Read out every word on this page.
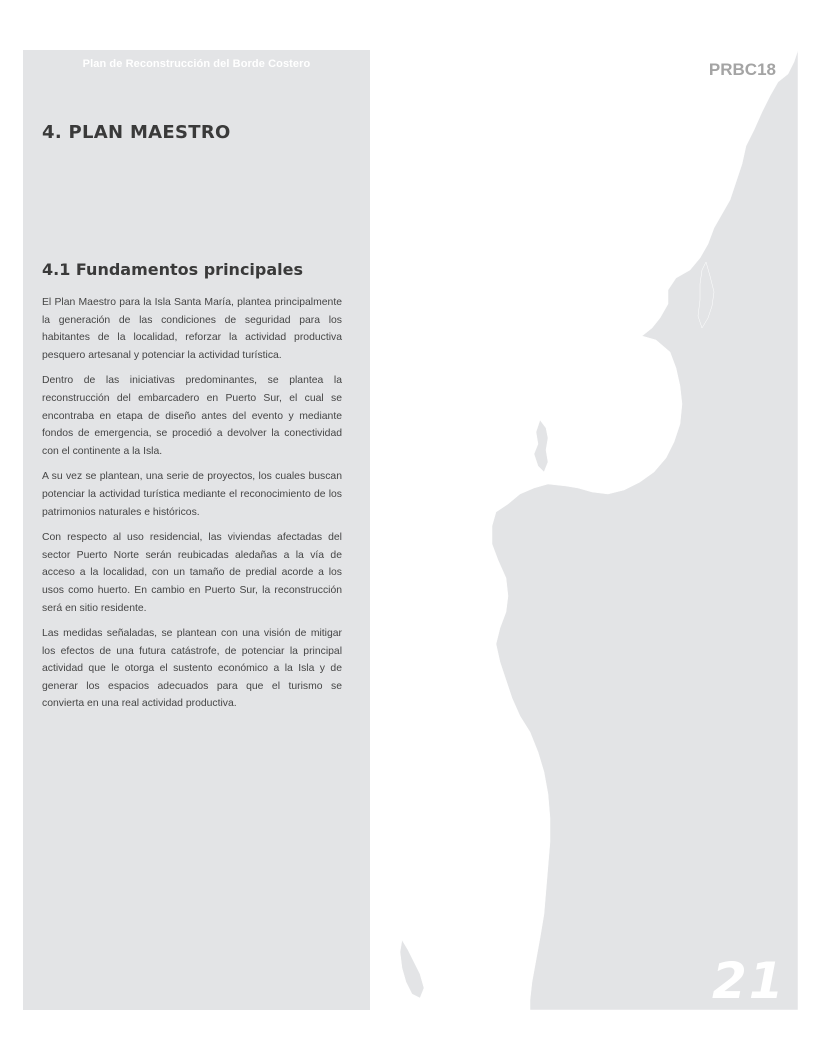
Plan de Reconstrucción del Borde Costero
4. PLAN MAESTRO
4.1 Fundamentos principales

El Plan Maestro para la Isla Santa María, plantea principalmente la generación de las condiciones de seguridad para los habitantes de la localidad, reforzar la actividad productiva pesquero artesanal y potenciar la actividad turística.

Dentro de las iniciativas predominantes, se plantea la reconstrucción del embarcadero en Puerto Sur, el cual se encontraba en etapa de diseño antes del evento y mediante fondos de emergencia, se procedió a devolver la conectividad con el continente a la Isla.

A su vez se plantean, una serie de proyectos, los cuales buscan potenciar la actividad turística mediante el reconocimiento de los patrimonios naturales e históricos.

Con respecto al uso residencial, las viviendas afectadas del sector Puerto Norte serán reubicadas aledañas a la vía de acceso a la localidad, con un tamaño de predial acorde a los usos como huerto. En cambio en Puerto Sur, la reconstrucción será en sitio residente.

Las medidas señaladas, se plantean con una visión de mitigar los efectos de una futura catástrofe, de potenciar la principal actividad que le otorga el sustento económico a la Isla y de generar los espacios adecuados para que el turismo se convierta en una real actividad productiva.

PRBC18
21
